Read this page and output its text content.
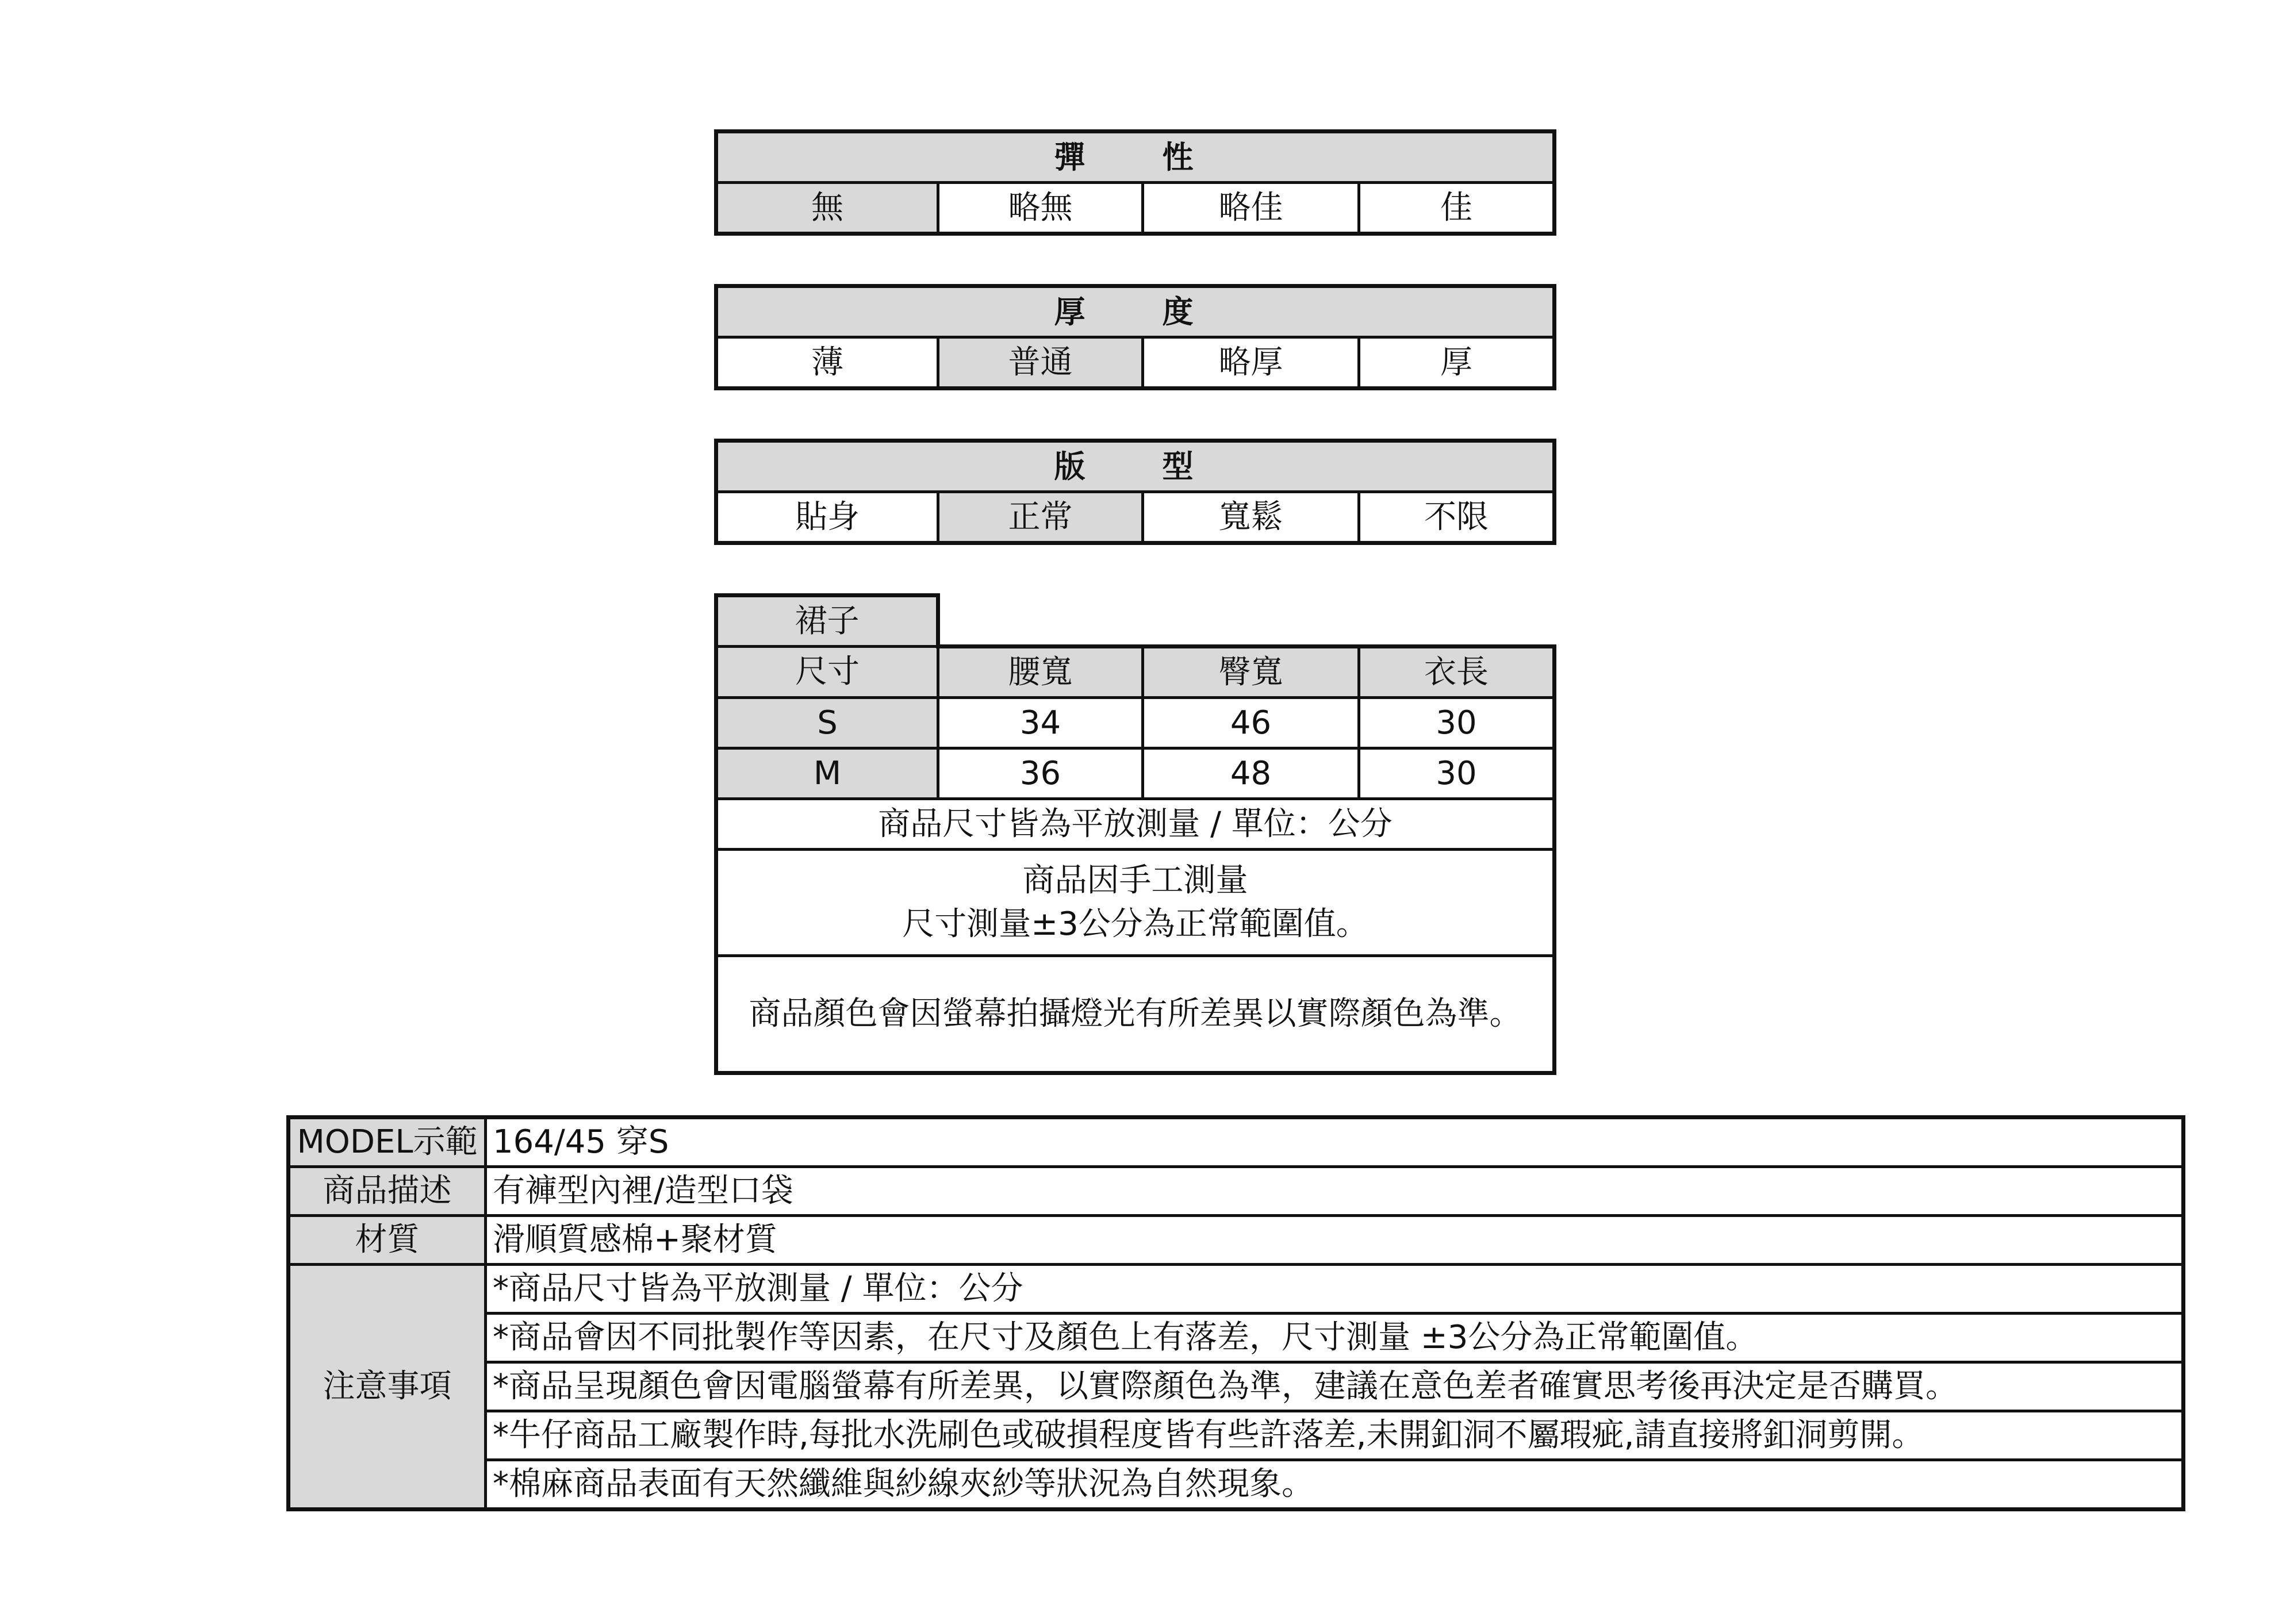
彈　性
無	略無	略佳	佳
厚　度
薄	普通	略厚	厚
版　型
貼身	正常	寬鬆	不限
裙子			
尺寸	腰寬	臀寬	衣長
S	34	46	30
M	36	48	30
商品尺寸皆為平放測量 / 單位：公分			

商品因手工測量
尺寸測量±3公分為正常範圍值。			

商品顏色會因螢幕拍攝燈光有所差異以實際顏色為準。			
MODEL示範	164/45 穿S
商品描述	有褲型內裡/造型口袋
材質	滑順質感棉+聚材質
注意事項	*商品尺寸皆為平放測量 / 單位：公分
	*商品會因不同批製作等因素，在尺寸及顏色上有落差，尺寸測量 ±3公分為正常範圍值。
	*商品呈現顏色會因電腦螢幕有所差異，以實際顏色為準，建議在意色差者確實思考後再決定是否購買。
	*牛仔商品工廠製作時,每批水洗刷色或破損程度皆有些許落差,未開釦洞不屬瑕疵,請直接將釦洞剪開。
	*棉麻商品表面有天然纖維與紗線夾紗等狀況為自然現象。
